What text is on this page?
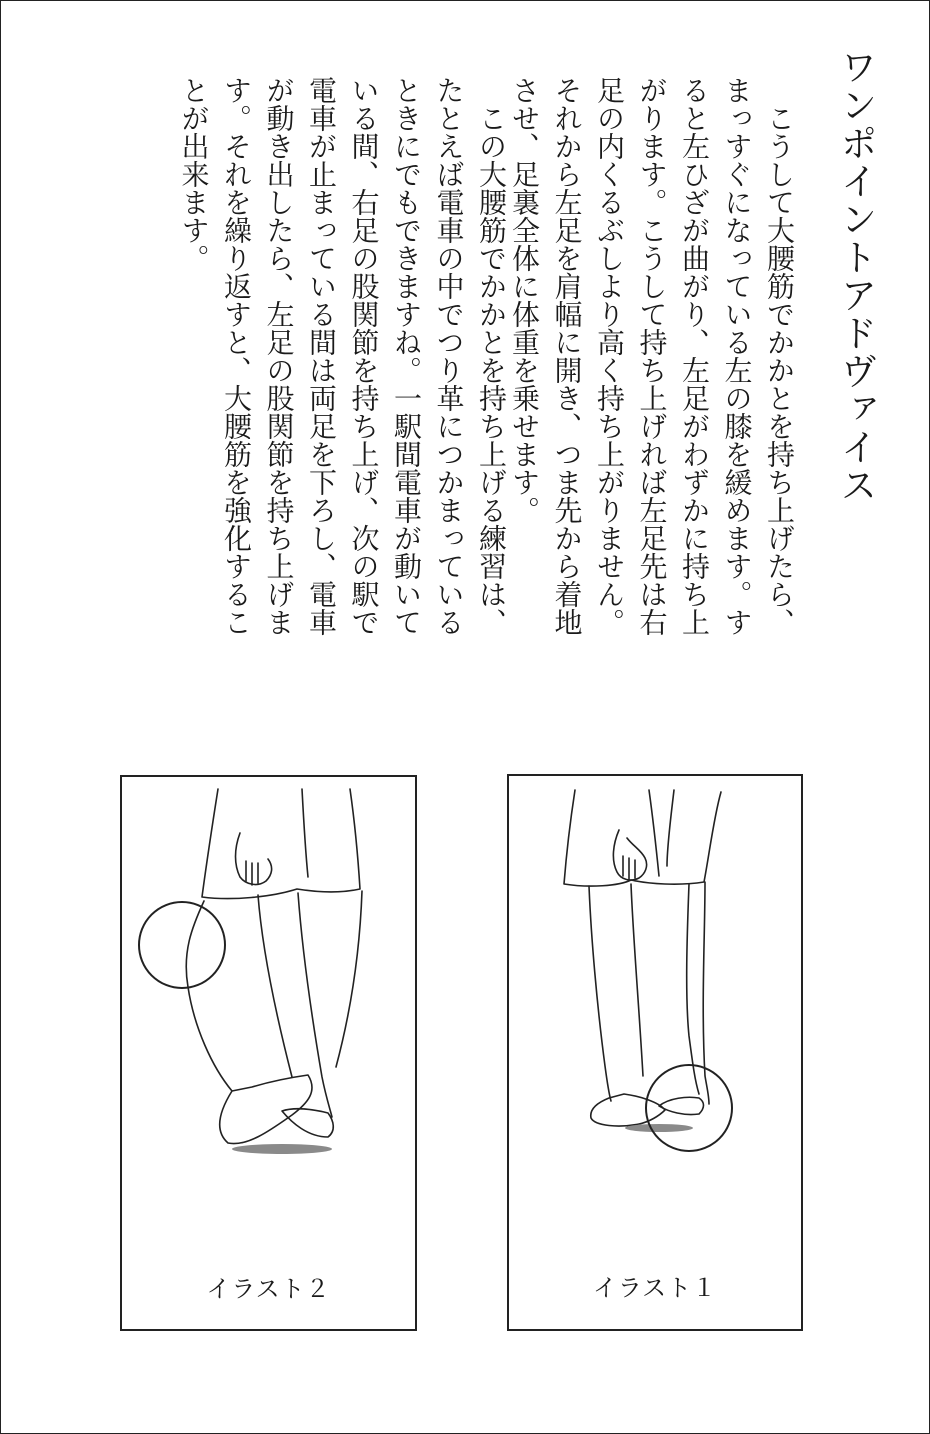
ワンポイントアドヴァイス

　こうして大腰筋でかかとを持ち上げたら、
まっすぐになっている左の膝を緩めます。す
ると左ひざが曲がり、左足がわずかに持ち上
がります。こうして持ち上げれば左足先は右
足の内くるぶしより高く持ち上がりません。
それから左足を肩幅に開き、つま先から着地
させ、足裏全体に体重を乗せます。

　この大腰筋でかかとを持ち上げる練習は、
たとえば電車の中でつり革につかまっている
ときにでもできますね。一駅間電車が動いて
いる間、右足の股関節を持ち上げ、次の駅で
電車が止まっている間は両足を下ろし、電車
が動き出したら、左足の股関節を持ち上げま
す。それを繰り返すと、大腰筋を強化するこ
とが出来ます。

イラスト１
イラスト２
